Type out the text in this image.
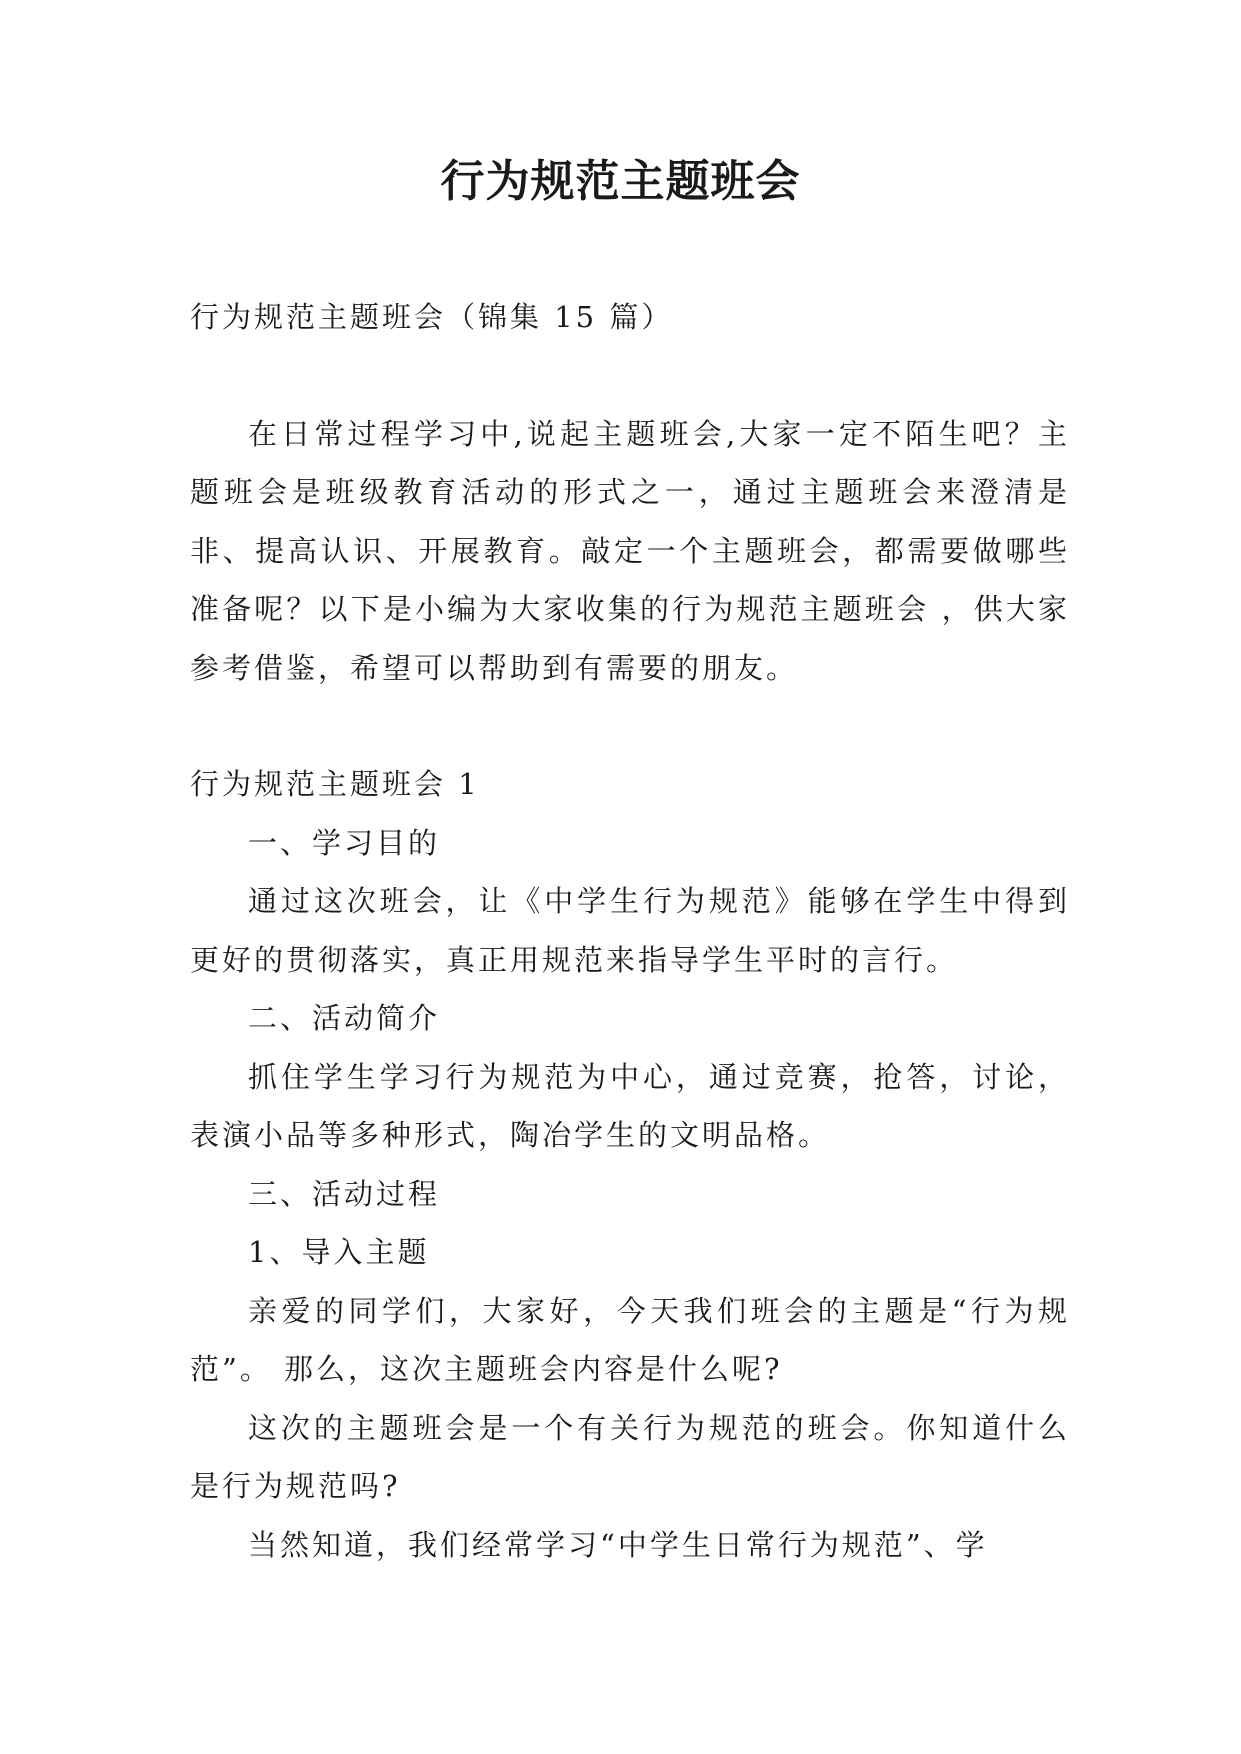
行为规范主题班会

行为规范主题班会（锦集 15 篇）

在日常过程学习中,说起主题班会,大家一定不陌生吧？主题班会是班级教育活动的形式之一，通过主题班会来澄清是非、提高认识、开展教育。敲定一个主题班会，都需要做哪些准备呢？以下是小编为大家收集的行为规范主题班会 ，供大家参考借鉴，希望可以帮助到有需要的朋友。

行为规范主题班会 1

一、学习目的

通过这次班会，让《中学生行为规范》能够在学生中得到更好的贯彻落实，真正用规范来指导学生平时的言行。

二、活动简介

抓住学生学习行为规范为中心，通过竞赛，抢答，讨论，表演小品等多种形式，陶冶学生的文明品格。

三、活动过程

1、导入主题

亲爱的同学们，大家好，今天我们班会的主题是“行为规范”。 那么，这次主题班会内容是什么呢?

这次的主题班会是一个有关行为规范的班会。你知道什么是行为规范吗?

当然知道，我们经常学习“中学生日常行为规范”、学
